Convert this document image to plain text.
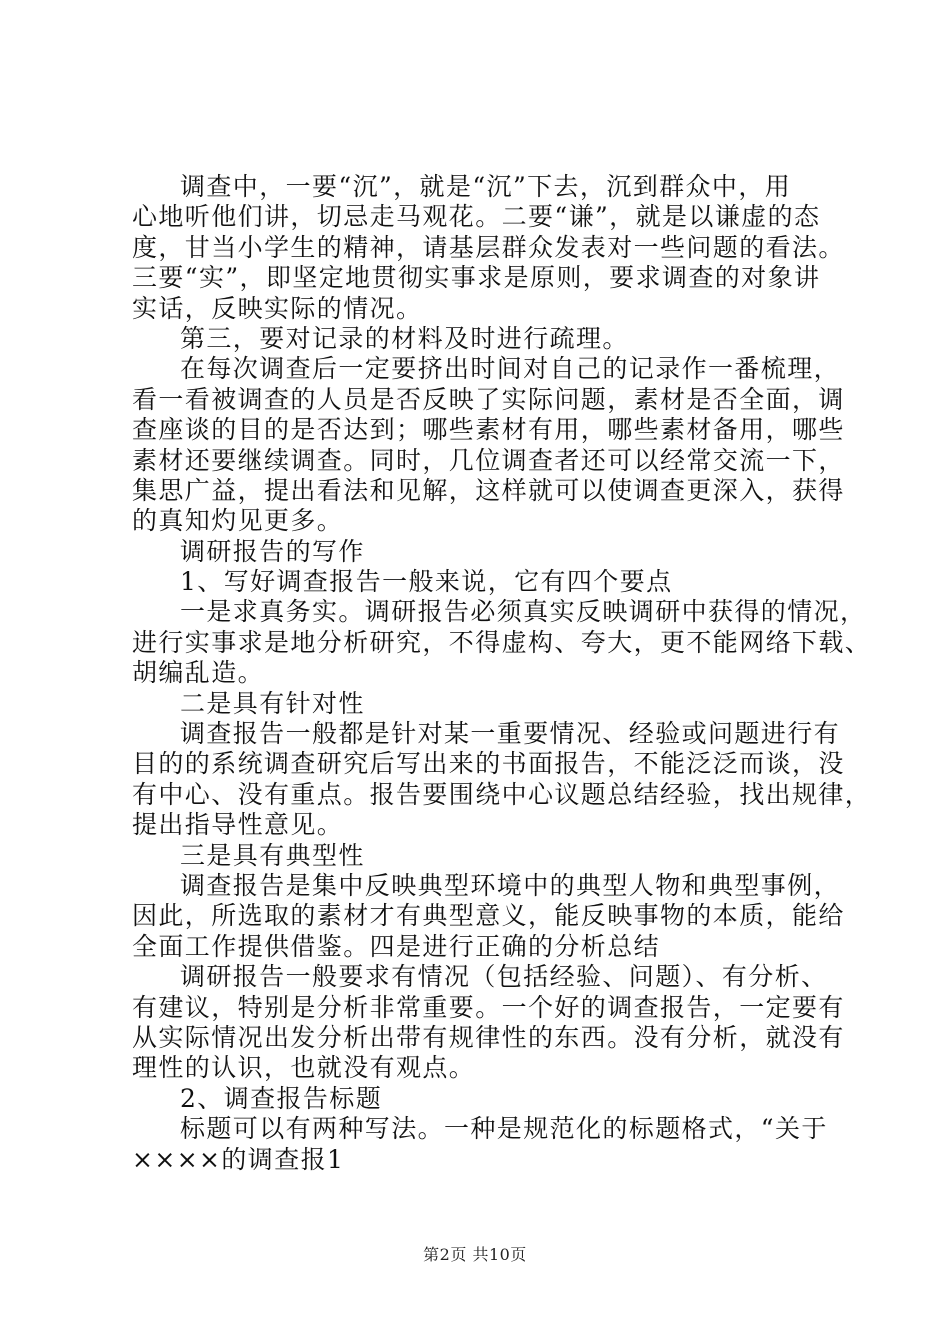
调查中，一要“沉”，就是“沉”下去，沉到群众中，用
心地听他们讲，切忌走马观花。二要“谦”，就是以谦虚的态
度，甘当小学生的精神，请基层群众发表对一些问题的看法。
三要“实”，即坚定地贯彻实事求是原则，要求调查的对象讲
实话，反映实际的情况。
第三，要对记录的材料及时进行疏理。
在每次调查后一定要挤出时间对自己的记录作一番梳理，
看一看被调查的人员是否反映了实际问题，素材是否全面，调
查座谈的目的是否达到；哪些素材有用，哪些素材备用，哪些
素材还要继续调查。同时，几位调查者还可以经常交流一下，
集思广益，提出看法和见解，这样就可以使调查更深入，获得
的真知灼见更多。
调研报告的写作
1、写好调查报告一般来说，它有四个要点
一是求真务实。调研报告必须真实反映调研中获得的情况，
进行实事求是地分析研究，不得虚构、夸大，更不能网络下载、
胡编乱造。
二是具有针对性
调查报告一般都是针对某一重要情况、经验或问题进行有
目的的系统调查研究后写出来的书面报告，不能泛泛而谈，没
有中心、没有重点。报告要围绕中心议题总结经验，找出规律，
提出指导性意见。
三是具有典型性
调查报告是集中反映典型环境中的典型人物和典型事例，
因此，所选取的素材才有典型意义，能反映事物的本质，能给
全面工作提供借鉴。四是进行正确的分析总结
调研报告一般要求有情况（包括经验、问题）、有分析、
有建议，特别是分析非常重要。一个好的调查报告，一定要有
从实际情况出发分析出带有规律性的东西。没有分析，就没有
理性的认识，也就没有观点。
2、调查报告标题
标题可以有两种写法。一种是规范化的标题格式，“关于
××××的调查报1
第2页 共10页
